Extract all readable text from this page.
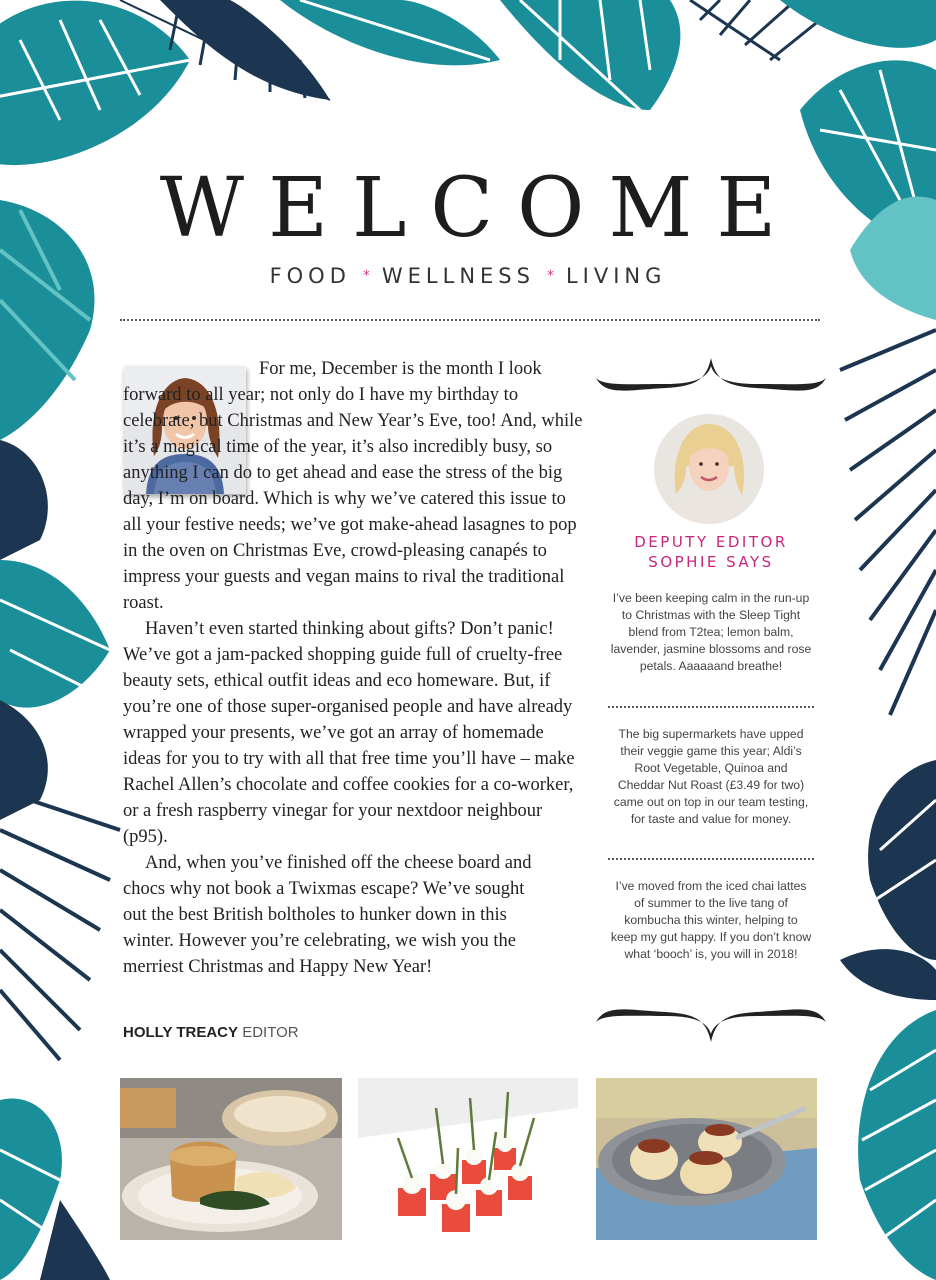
WELCOME
FOOD * WELLNESS * LIVING

For me, December is the month I look forward to all year; not only do I have my birthday to celebrate, but Christmas and New Year’s Eve, too! And, while it’s a magical time of the year, it’s also incredibly busy, so anything I can do to get ahead and ease the stress of the big day, I’m on board. Which is why we’ve catered this issue to all your festive needs; we’ve got make-ahead lasagnes to pop in the oven on Christmas Eve, crowd-pleasing canapés to impress your guests and vegan mains to rival the traditional roast.

Haven’t even started thinking about gifts? Don’t panic! We’ve got a jam-packed shopping guide full of cruelty-free beauty sets, ethical outfit ideas and eco homeware. But, if you’re one of those super-organised people and have already wrapped your presents, we’ve got an array of homemade ideas for you to try with all that free time you’ll have – make Rachel Allen’s chocolate and coffee cookies for a co-worker, or a fresh raspberry vinegar for your nextdoor neighbour (p95).

And, when you’ve finished off the cheese board and chocs why not book a Twixmas escape? We’ve sought out the best British boltholes to hunker down in this winter. However you’re celebrating, we wish you the merriest Christmas and Happy New Year!

HOLLY TREACY EDITOR
DEPUTY EDITOR
SOPHIE SAYS
I’ve been keeping calm in the run-up to Christmas with the Sleep Tight blend from T2tea; lemon balm, lavender, jasmine blossoms and rose petals. Aaaaaand breathe!
The big supermarkets have upped their veggie game this year; Aldi’s Root Vegetable, Quinoa and Cheddar Nut Roast (£3.49 for two) came out on top in our team testing, for taste and value for money.
I’ve moved from the iced chai lattes of summer to the live tang of kombucha this winter, helping to keep my gut happy. If you don’t know what ‘booch’ is, you will in 2018!
